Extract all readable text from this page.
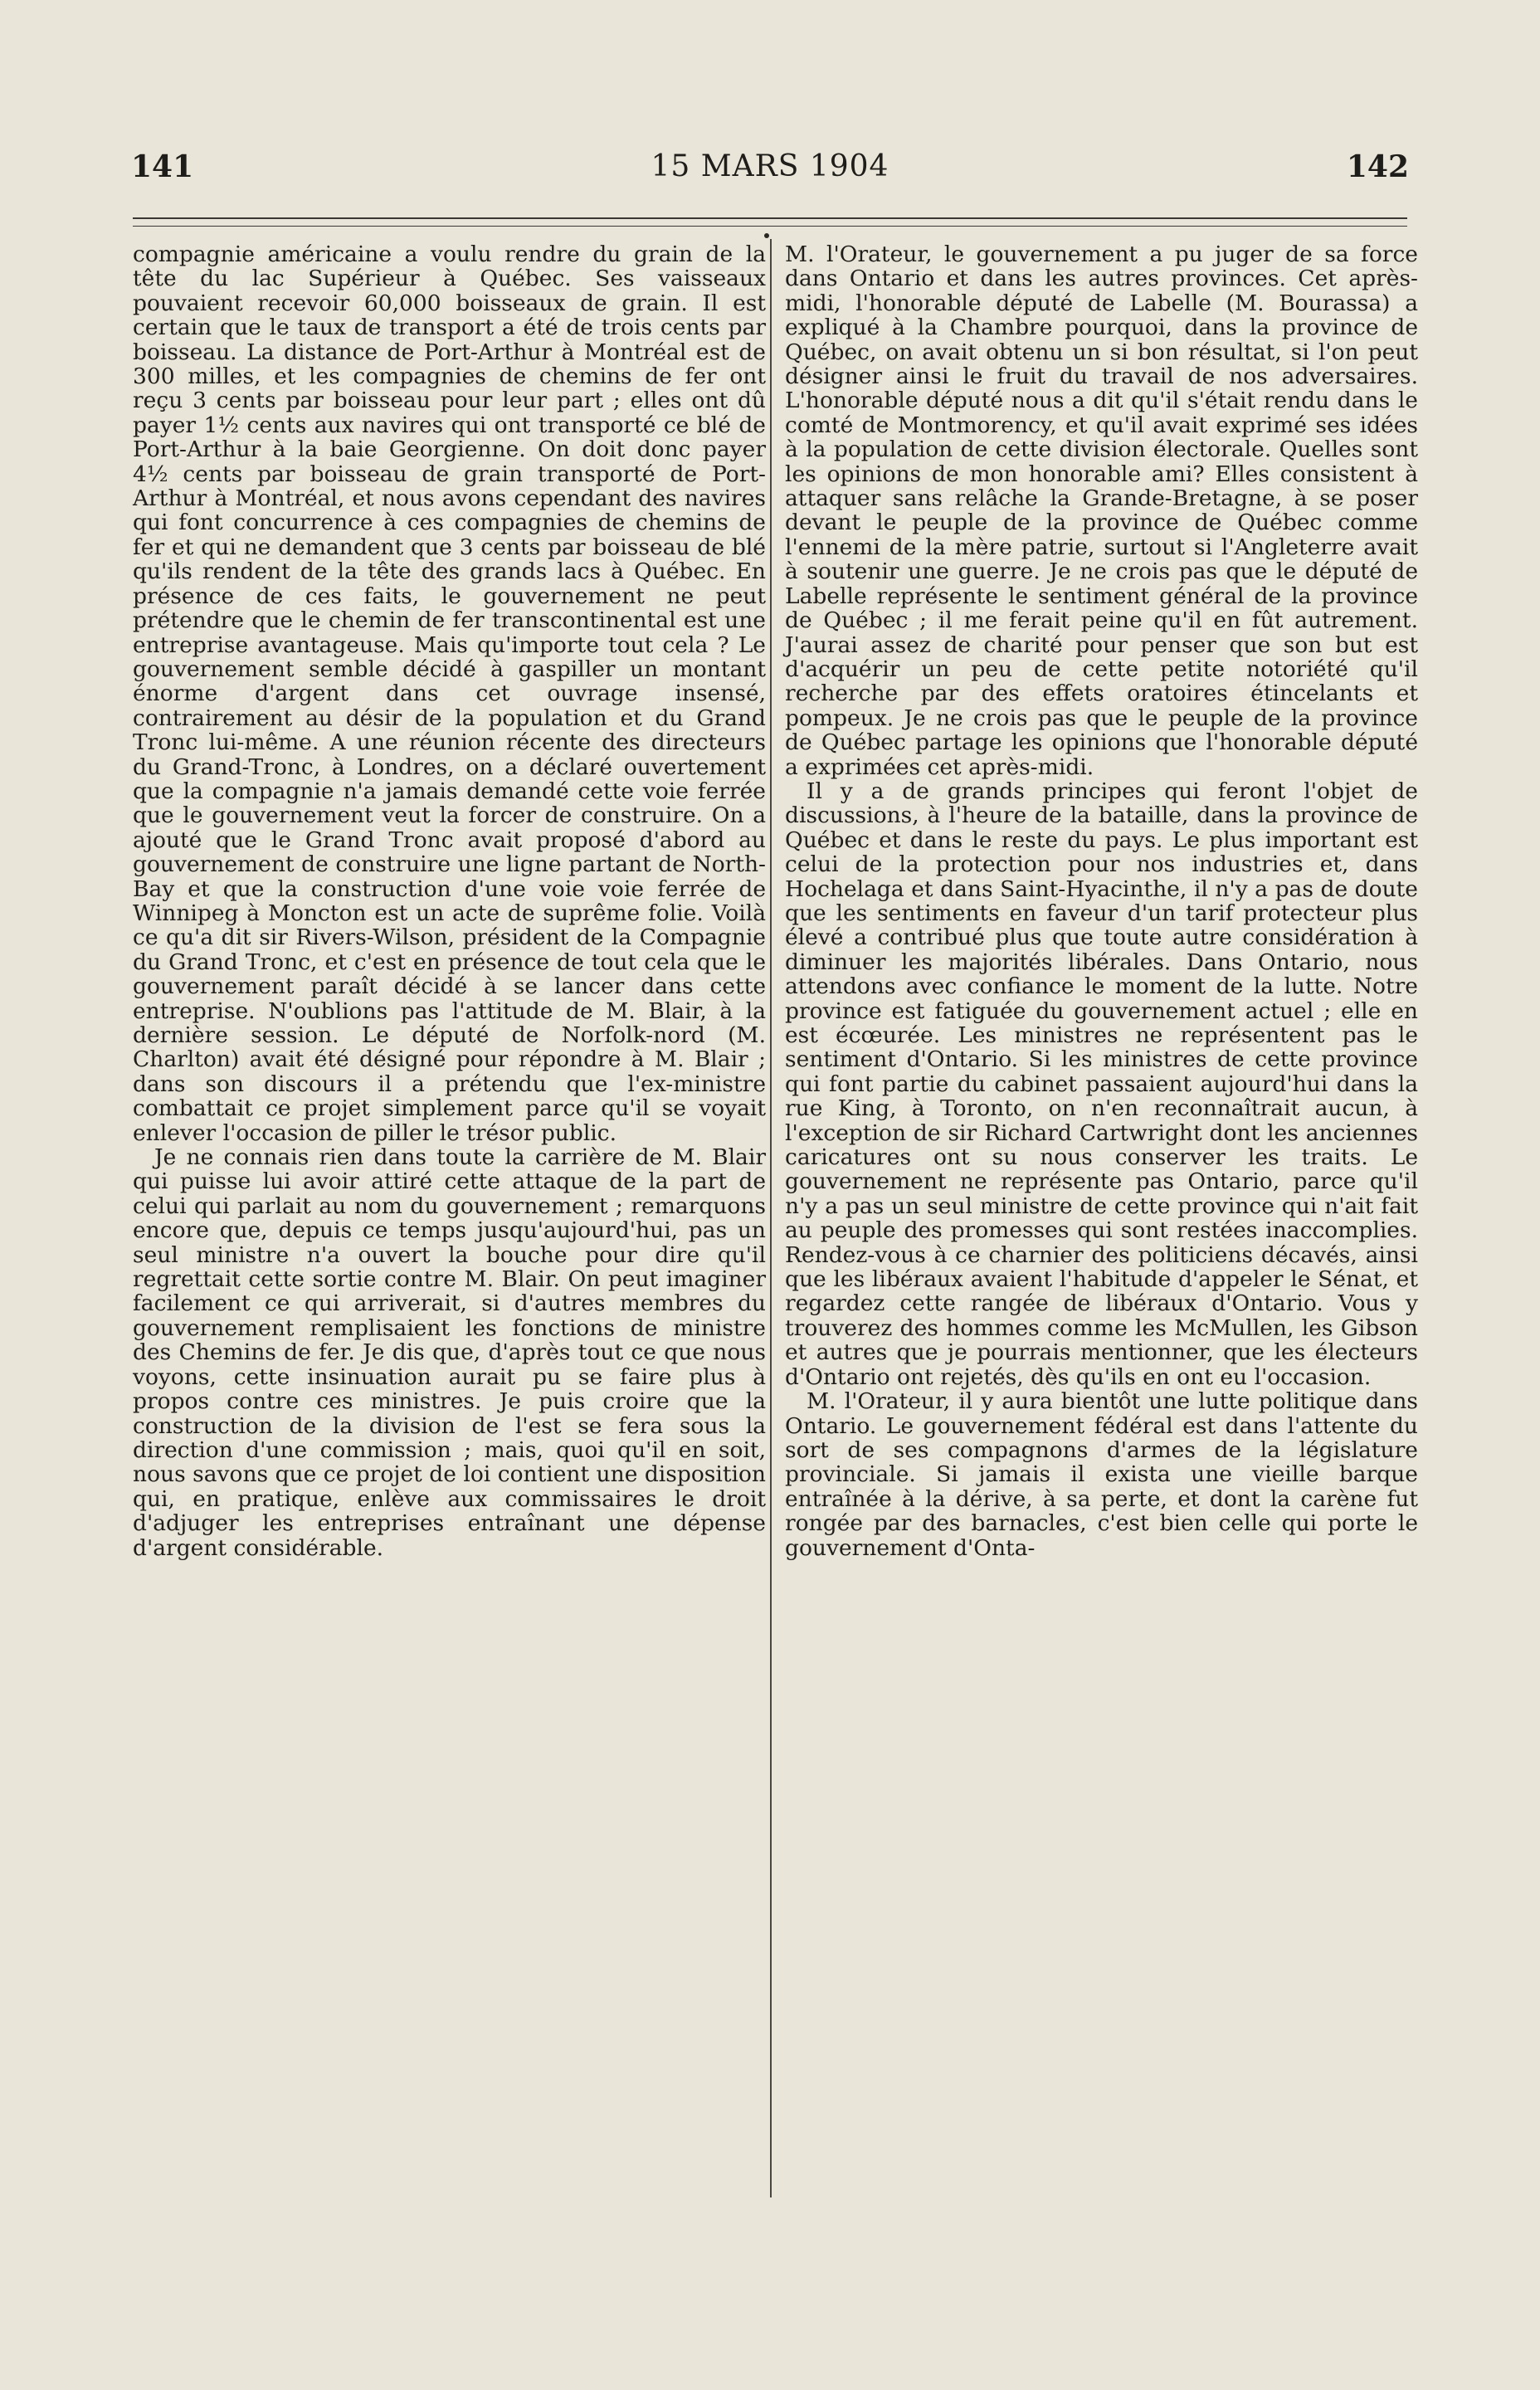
141	15 MARS 1904	142

compagnie américaine a voulu rendre du grain de la tête du lac Supérieur à Québec. Ses vaisseaux pouvaient recevoir 60,000 boisseaux de grain. Il est certain que le taux de transport a été de trois cents par boisseau. La distance de Port-Arthur à Montréal est de 300 milles, et les compagnies de chemins de fer ont reçu 3 cents par boisseau pour leur part ; elles ont dû payer 1½ cents aux navires qui ont transporté ce blé de Port-Arthur à la baie Georgienne. On doit donc payer 4½ cents par boisseau de grain transporté de Port-Arthur à Montréal, et nous avons cependant des navires qui font concurrence à ces compagnies de chemins de fer et qui ne demandent que 3 cents par boisseau de blé qu'ils rendent de la tête des grands lacs à Québec. En présence de ces faits, le gouvernement ne peut prétendre que le chemin de fer transcontinental est une entreprise avantageuse. Mais qu'importe tout cela ? Le gouvernement semble décidé à gaspiller un montant énorme d'argent dans cet ouvrage insensé, contrairement au désir de la population et du Grand Tronc lui-même. A une réunion récente des directeurs du Grand-Tronc, à Londres, on a déclaré ouvertement que la compagnie n'a jamais demandé cette voie ferrée que le gouvernement veut la forcer de construire. On a ajouté que le Grand Tronc avait proposé d'abord au gouvernement de construire une ligne partant de North-Bay et que la construction d'une voie voie ferrée de Winnipeg à Moncton est un acte de suprême folie. Voilà ce qu'a dit sir Rivers-Wilson, président de la Compagnie du Grand Tronc, et c'est en présence de tout cela que le gouvernement paraît décidé à se lancer dans cette entreprise. N'oublions pas l'attitude de M. Blair, à la dernière session. Le député de Norfolk-nord (M. Charlton) avait été désigné pour répondre à M. Blair ; dans son discours il a prétendu que l'ex-ministre combattait ce projet simplement parce qu'il se voyait enlever l'occasion de piller le trésor public.

Je ne connais rien dans toute la carrière de M. Blair qui puisse lui avoir attiré cette attaque de la part de celui qui parlait au nom du gouvernement ; remarquons encore que, depuis ce temps jusqu'aujourd'hui, pas un seul ministre n'a ouvert la bouche pour dire qu'il regrettait cette sortie contre M. Blair. On peut imaginer facilement ce qui arriverait, si d'autres membres du gouvernement remplisaient les fonctions de ministre des Chemins de fer. Je dis que, d'après tout ce que nous voyons, cette insinuation aurait pu se faire plus à propos contre ces ministres. Je puis croire que la construction de la division de l'est se fera sous la direction d'une commission ; mais, quoi qu'il en soit, nous savons que ce projet de loi contient une disposition qui, en pratique, enlève aux commissaires le droit d'adjuger les entreprises entraînant une dépense d'argent considérable.

M. l'Orateur, le gouvernement a pu juger de sa force dans Ontario et dans les autres provinces. Cet après-midi, l'honorable député de Labelle (M. Bourassa) a expliqué à la Chambre pourquoi, dans la province de Québec, on avait obtenu un si bon résultat, si l'on peut désigner ainsi le fruit du travail de nos adversaires. L'honorable député nous a dit qu'il s'était rendu dans le comté de Montmorency, et qu'il avait exprimé ses idées à la population de cette division électorale. Quelles sont les opinions de mon honorable ami? Elles consistent à attaquer sans relâche la Grande-Bretagne, à se poser devant le peuple de la province de Québec comme l'ennemi de la mère patrie, surtout si l'Angleterre avait à soutenir une guerre. Je ne crois pas que le député de Labelle représente le sentiment général de la province de Québec ; il me ferait peine qu'il en fût autrement. J'aurai assez de charité pour penser que son but est d'acquérir un peu de cette petite notoriété qu'il recherche par des effets oratoires étincelants et pompeux. Je ne crois pas que le peuple de la province de Québec partage les opinions que l'honorable député a exprimées cet après-midi.

Il y a de grands principes qui feront l'objet de discussions, à l'heure de la bataille, dans la province de Québec et dans le reste du pays. Le plus important est celui de la protection pour nos industries et, dans Hochelaga et dans Saint-Hyacinthe, il n'y a pas de doute que les sentiments en faveur d'un tarif protecteur plus élevé a contribué plus que toute autre considération à diminuer les majorités libérales. Dans Ontario, nous attendons avec confiance le moment de la lutte. Notre province est fatiguée du gouvernement actuel ; elle en est écœurée. Les ministres ne représentent pas le sentiment d'Ontario. Si les ministres de cette province qui font partie du cabinet passaient aujourd'hui dans la rue King, à Toronto, on n'en reconnaîtrait aucun, à l'exception de sir Richard Cartwright dont les anciennes caricatures ont su nous conserver les traits. Le gouvernement ne représente pas Ontario, parce qu'il n'y a pas un seul ministre de cette province qui n'ait fait au peuple des promesses qui sont restées inaccomplies. Rendez-vous à ce charnier des politiciens décavés, ainsi que les libéraux avaient l'habitude d'appeler le Sénat, et regardez cette rangée de libéraux d'Ontario. Vous y trouverez des hommes comme les McMullen, les Gibson et autres que je pourrais mentionner, que les électeurs d'Ontario ont rejetés, dès qu'ils en ont eu l'occasion.

M. l'Orateur, il y aura bientôt une lutte politique dans Ontario. Le gouvernement fédéral est dans l'attente du sort de ses compagnons d'armes de la législature provinciale. Si jamais il exista une vieille barque entraînée à la dérive, à sa perte, et dont la carène fut rongée par des barnacles, c'est bien celle qui porte le gouvernement d'Onta-
